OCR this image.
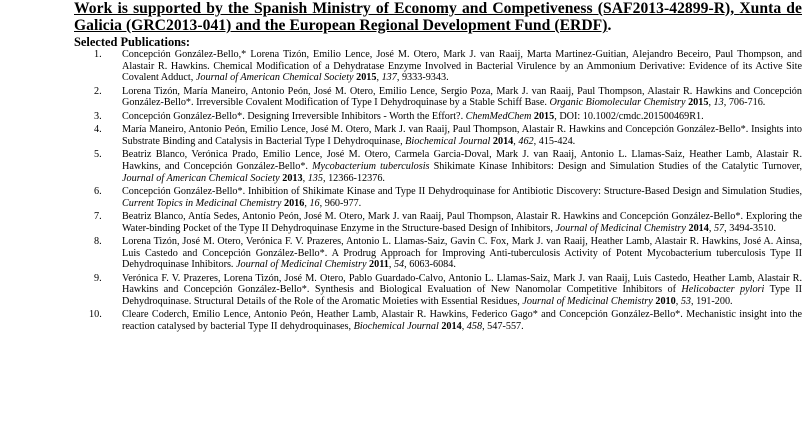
Work is supported by the Spanish Ministry of Economy and Competiveness (SAF2013-42899-R), Xunta de Galicia (GRC2013-041) and the European Regional Development Fund (ERDF).

Selected Publications:
1. Concepción González-Bello,* Lorena Tizón, Emilio Lence, José M. Otero, Mark J. van Raaij, Marta Martinez-Guitian, Alejandro Beceiro, Paul Thompson, and Alastair R. Hawkins. Chemical Modification of a Dehydratase Enzyme Involved in Bacterial Virulence by an Ammonium Derivative: Evidence of its Active Site Covalent Adduct, Journal of American Chemical Society 2015, 137, 9333-9343.
2. Lorena Tizón, María Maneiro, Antonio Peón, José M. Otero, Emilio Lence, Sergio Poza, Mark J. van Raaij, Paul Thompson, Alastair R. Hawkins and Concepción González-Bello*. Irreversible Covalent Modification of Type I Dehydroquinase by a Stable Schiff Base. Organic Biomolecular Chemistry 2015, 13, 706-716.
3. Concepción González-Bello*. Designing Irreversible Inhibitors - Worth the Effort?. ChemMedChem 2015, DOI: 10.1002/cmdc.201500469R1.
4. María Maneiro, Antonio Peón, Emilio Lence, José M. Otero, Mark J. van Raaij, Paul Thompson, Alastair R. Hawkins and Concepción González-Bello*. Insights into Substrate Binding and Catalysis in Bacterial Type I Dehydroquinase, Biochemical Journal 2014, 462, 415-424.
5. Beatriz Blanco, Verónica Prado, Emilio Lence, José M. Otero, Carmela Garcia-Doval, Mark J. van Raaij, Antonio L. Llamas-Saiz, Heather Lamb, Alastair R. Hawkins, and Concepción González-Bello*. Mycobacterium tuberculosis Shikimate Kinase Inhibitors: Design and Simulation Studies of the Catalytic Turnover, Journal of American Chemical Society 2013, 135, 12366-12376.
6. Concepción González-Bello*. Inhibition of Shikimate Kinase and Type II Dehydroquinase for Antibiotic Discovery: Structure-Based Design and Simulation Studies, Current Topics in Medicinal Chemistry 2016, 16, 960-977.
7. Beatriz Blanco, Antía Sedes, Antonio Peón, José M. Otero, Mark J. van Raaij, Paul Thompson, Alastair R. Hawkins and Concepción González-Bello*. Exploring the Water-binding Pocket of the Type II Dehydroquinase Enzyme in the Structure-based Design of Inhibitors, Journal of Medicinal Chemistry 2014, 57, 3494-3510.
8. Lorena Tizón, José M. Otero, Verónica F. V. Prazeres, Antonio L. Llamas-Saiz, Gavin C. Fox, Mark J. van Raaij, Heather Lamb, Alastair R. Hawkins, José A. Ainsa, Luis Castedo and Concepción González-Bello*. A Prodrug Approach for Improving Anti-tuberculosis Activity of Potent Mycobacterium tuberculosis Type II Dehydroquinase Inhibitors. Journal of Medicinal Chemistry 2011, 54, 6063-6084.
9. Verónica F. V. Prazeres, Lorena Tizón, José M. Otero, Pablo Guardado-Calvo, Antonio L. Llamas-Saiz, Mark J. van Raaij, Luis Castedo, Heather Lamb, Alastair R. Hawkins and Concepción González-Bello*. Synthesis and Biological Evaluation of New Nanomolar Competitive Inhibitors of Helicobacter pylori Type II Dehydroquinase. Structural Details of the Role of the Aromatic Moieties with Essential Residues, Journal of Medicinal Chemistry 2010, 53, 191-200.
10. Cleare Coderch, Emilio Lence, Antonio Peón, Heather Lamb, Alastair R. Hawkins, Federico Gago* and Concepción González-Bello*. Mechanistic insight into the reaction catalysed by bacterial Type II dehydroquinases, Biochemical Journal 2014, 458, 547-557.
